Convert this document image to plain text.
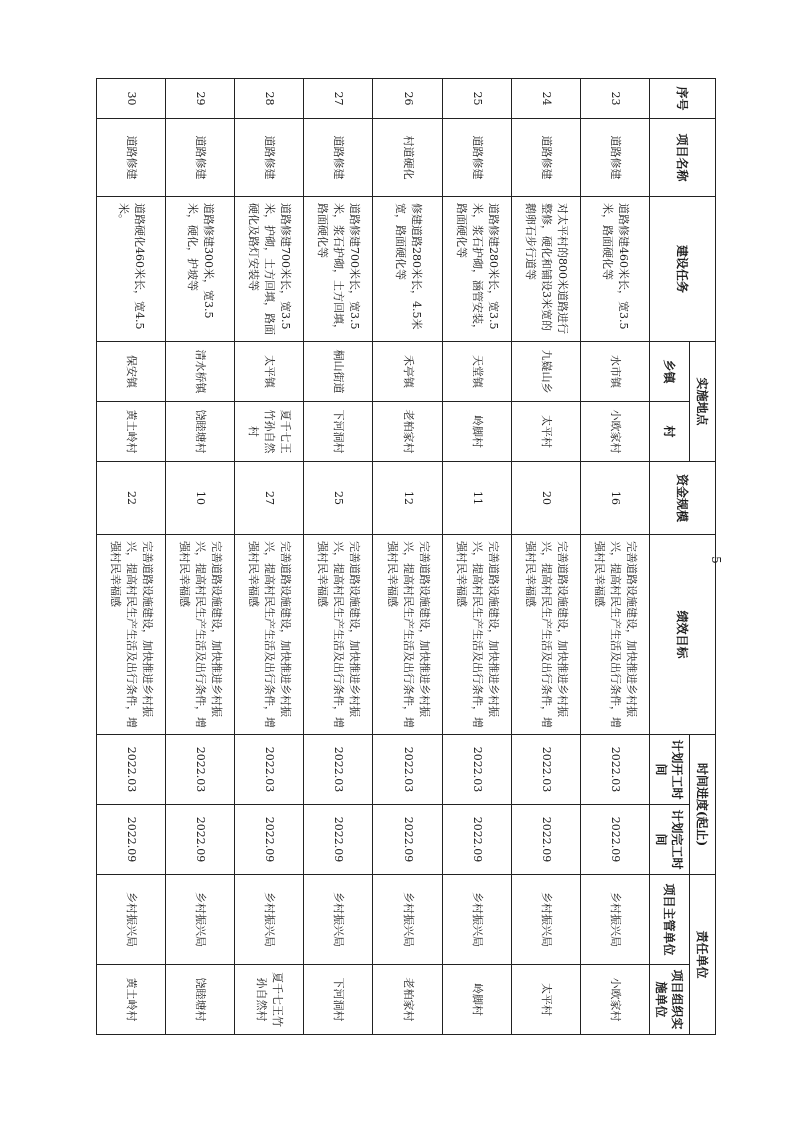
序号	项目名称	建设任务	实施地点		资金规模	绩效目标	时间进度(起止)		责任单位	
			乡镇	村			计划开工时间	计划完工时间	项目主管单位	项目组织实施单位
23	道路修建	道路修建460米长，宽3.5米，路面硬化等	水市镇	小欧家村	16	完善道路设施建设，加快推进乡村振兴，提高村民生产生活及出行条件，增强村民幸福感	2022.03	2022.09	乡村振兴局	小欧家村
24	道路修建	对太平村的800米道路进行整修，硬化和铺设3米宽的鹅卵石步行道等	九嶷山乡	太平村	20	完善道路设施建设，加快推进乡村振兴，提高村民生产生活及出行条件，增强村民幸福感	2022.03	2022.09	乡村振兴局	太平村
25	道路修建	道路修建280米长，宽3.5米，浆石护砌，涵管安装，路面硬化等	天堂镇	岭脚村	11	完善道路设施建设，加快推进乡村振兴，提高村民生产生活及出行条件，增强村民幸福感	2022.03	2022.09	乡村振兴局	岭脚村
26	村道硬化	修建道路280米长，4.5米宽，路面硬化等	禾亭镇	老柏家村	12	完善道路设施建设，加快推进乡村振兴，提高村民生产生活及出行条件，增强村民幸福感	2022.03	2022.09	乡村振兴局	老柏家村
27	道路修建	道路修建700米长，宽3.5米，浆石护砌，土方回填，路面硬化等	桐山街道	下河洞村	25	完善道路设施建设，加快推进乡村振兴，提高村民生产生活及出行条件，增强村民幸福感	2022.03	2022.09	乡村振兴局	下河洞村
28	道路修建	道路修建700米长，宽3.5米，护砌，土方回填，路面硬化及路灯安装等	太平镇	夏千七王竹孙自然村	27	完善道路设施建设，加快推进乡村振兴，提高村民生产生活及出行条件，增强村民幸福感	2022.03	2022.09	乡村振兴局	夏千七王竹孙自然村
29	道路修建	道路修建300米，宽3.5米，硬化，护坡等	清水桥镇	饶睦塘村	10	完善道路设施建设，加快推进乡村振兴，提高村民生产生活及出行条件，增强村民幸福感	2022.03	2022.09	乡村振兴局	饶睦塘村
30	道路修建	道路硬化460米长，宽4.5米。	保安镇	黄土岭村	22	完善道路设施建设，加快推进乡村振兴，提高村民生产生活及出行条件，增强村民幸福感	2022.03	2022.09	乡村振兴局	黄土岭村
5
